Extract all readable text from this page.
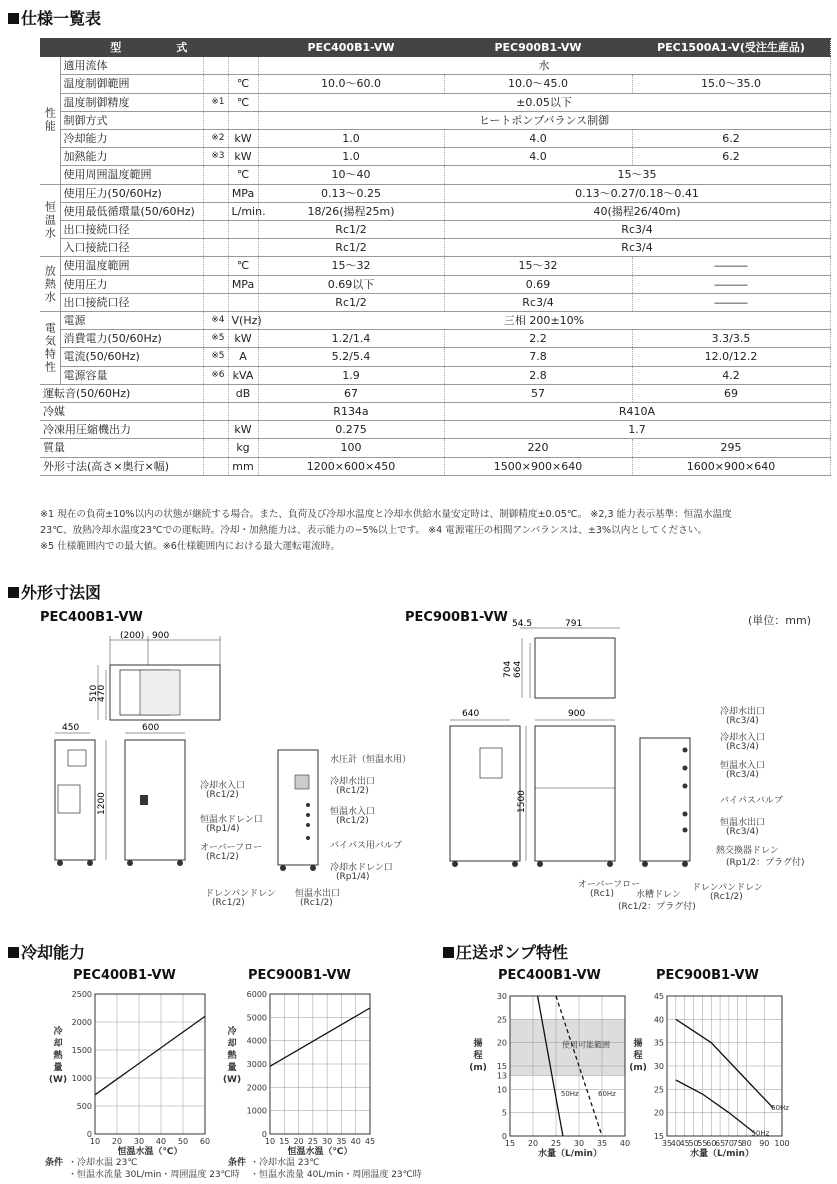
仕様一覧表
型　　　　　式				PEC400B1-VW	PEC900B1-VW	PEC1500A1-V(受注生産品)
性能	適用流体			水		
	温度制御範囲		℃	10.0〜60.0	10.0〜45.0	15.0〜35.0
	温度制御精度	※1	℃	±0.05以下		
	制御方式			ヒートポンプバランス制御		
	冷却能力	※2	kW	1.0	4.0	6.2
	加熱能力	※3	kW	1.0	4.0	6.2
	使用周囲温度範囲		℃	10〜40	15〜35	
恒温水	使用圧力(50/60Hz)		MPa	0.13〜0.25	0.13〜0.27/0.18〜0.41	
	使用最低循環量(50/60Hz)		L/min.	18/26(揚程25m)	40(揚程26/40m)	
	出口接続口径			Rc1/2	Rc3/4	
	入口接続口径			Rc1/2	Rc3/4	
放熱水	使用温度範囲		℃	15〜32	15〜32	―――
	使用圧力		MPa	0.69以下	0.69	―――
	出口接続口径			Rc1/2	Rc3/4	―――
電気特性	電源	※4	V(Hz)	三相 200±10%		
	消費電力(50/60Hz)	※5	kW	1.2/1.4	2.2	3.3/3.5
	電流(50/60Hz)	※5	A	5.2/5.4	7.8	12.0/12.2
	電源容量	※6	kVA	1.9	2.8	4.2
運転音(50/60Hz)			dB	67	57	69
冷媒				R134a	R410A	
冷凍用圧縮機出力			kW	0.275	1.7	
質量			kg	100	220	295
外形寸法(高さ×奥行×幅)			mm	1200×600×450	1500×900×640	1600×900×640
※1 現在の負荷±10%以内の状態が継続する場合。また、負荷及び冷却水温度と冷却水供給水量安定時は、制御精度±0.05℃。 ※2,3 能力表示基準：恒温水温度
23℃、放熱冷却水温度23℃での運転時。冷却・加熱能力は、表示能力の−5%以上です。 ※4 電源電圧の相間アンバランスは、±3%以内としてください。
※5 仕様範囲内での最大値。※6仕様範囲内における最大運転電流時。
外形寸法図
PEC400B1-VW	PEC900B1-VW	(単位：mm)
(200) 900
510
470
450	600
1200
冷却水入口
(Rc1/2)
恒温水ドレン口
(Rp1/4)
オーバーフロー
(Rc1/2)
ドレンパンドレン
(Rc1/2)
水圧計（恒温水用）
冷却水出口
(Rc1/2)
恒温水入口
(Rc1/2)
バイパス用バルブ
冷却水ドレン口
(Rp1/4)
恒温水出口
(Rc1/2)
54.5	791
704 664
640	900
1500
冷却水出口
(Rc3/4)
冷却水入口
(Rc3/4)
恒温水入口
(Rc3/4)
バイパスバルブ
恒温水出口
(Rc3/4)
熱交換器ドレン
(Rp1/2：プラグ付)
オーバーフロー
(Rc1) 水槽ドレン
(Rc1/2：プラグ付)
ドレンパンドレン
(Rc1/2)
冷却能力
PEC400B1-VW	PEC900B1-VW
10 20 30 40 50 60
0
500
1000
1500
2000
2500
冷
却
熱
量
(W)
恒温水温（℃）
10 15 20 25 30 35 40 45
0
1000
2000
3000
4000
5000
6000
冷
却
熱
量
(W)
恒温水温（℃）
条件 ・冷却水温 23℃
・恒温水流量 30L/min・周囲温度 23℃時
条件 ・冷却水温 23℃
・恒温水流量 40L/min・周囲温度 23℃時
圧送ポンプ特性
PEC400B1-VW	PEC900B1-VW
15 20 25 30 35 40
0
5
10
13
15
20
25
30
50Hz	60Hz
揚
程
(m)
水量（L/min）
使用可能範囲
35
40
45
50
55
60
65
70
75
80 90 100
15
20
25
30
35
40
45
60Hz
50Hz
揚
程
(m)
水量（L/min）
